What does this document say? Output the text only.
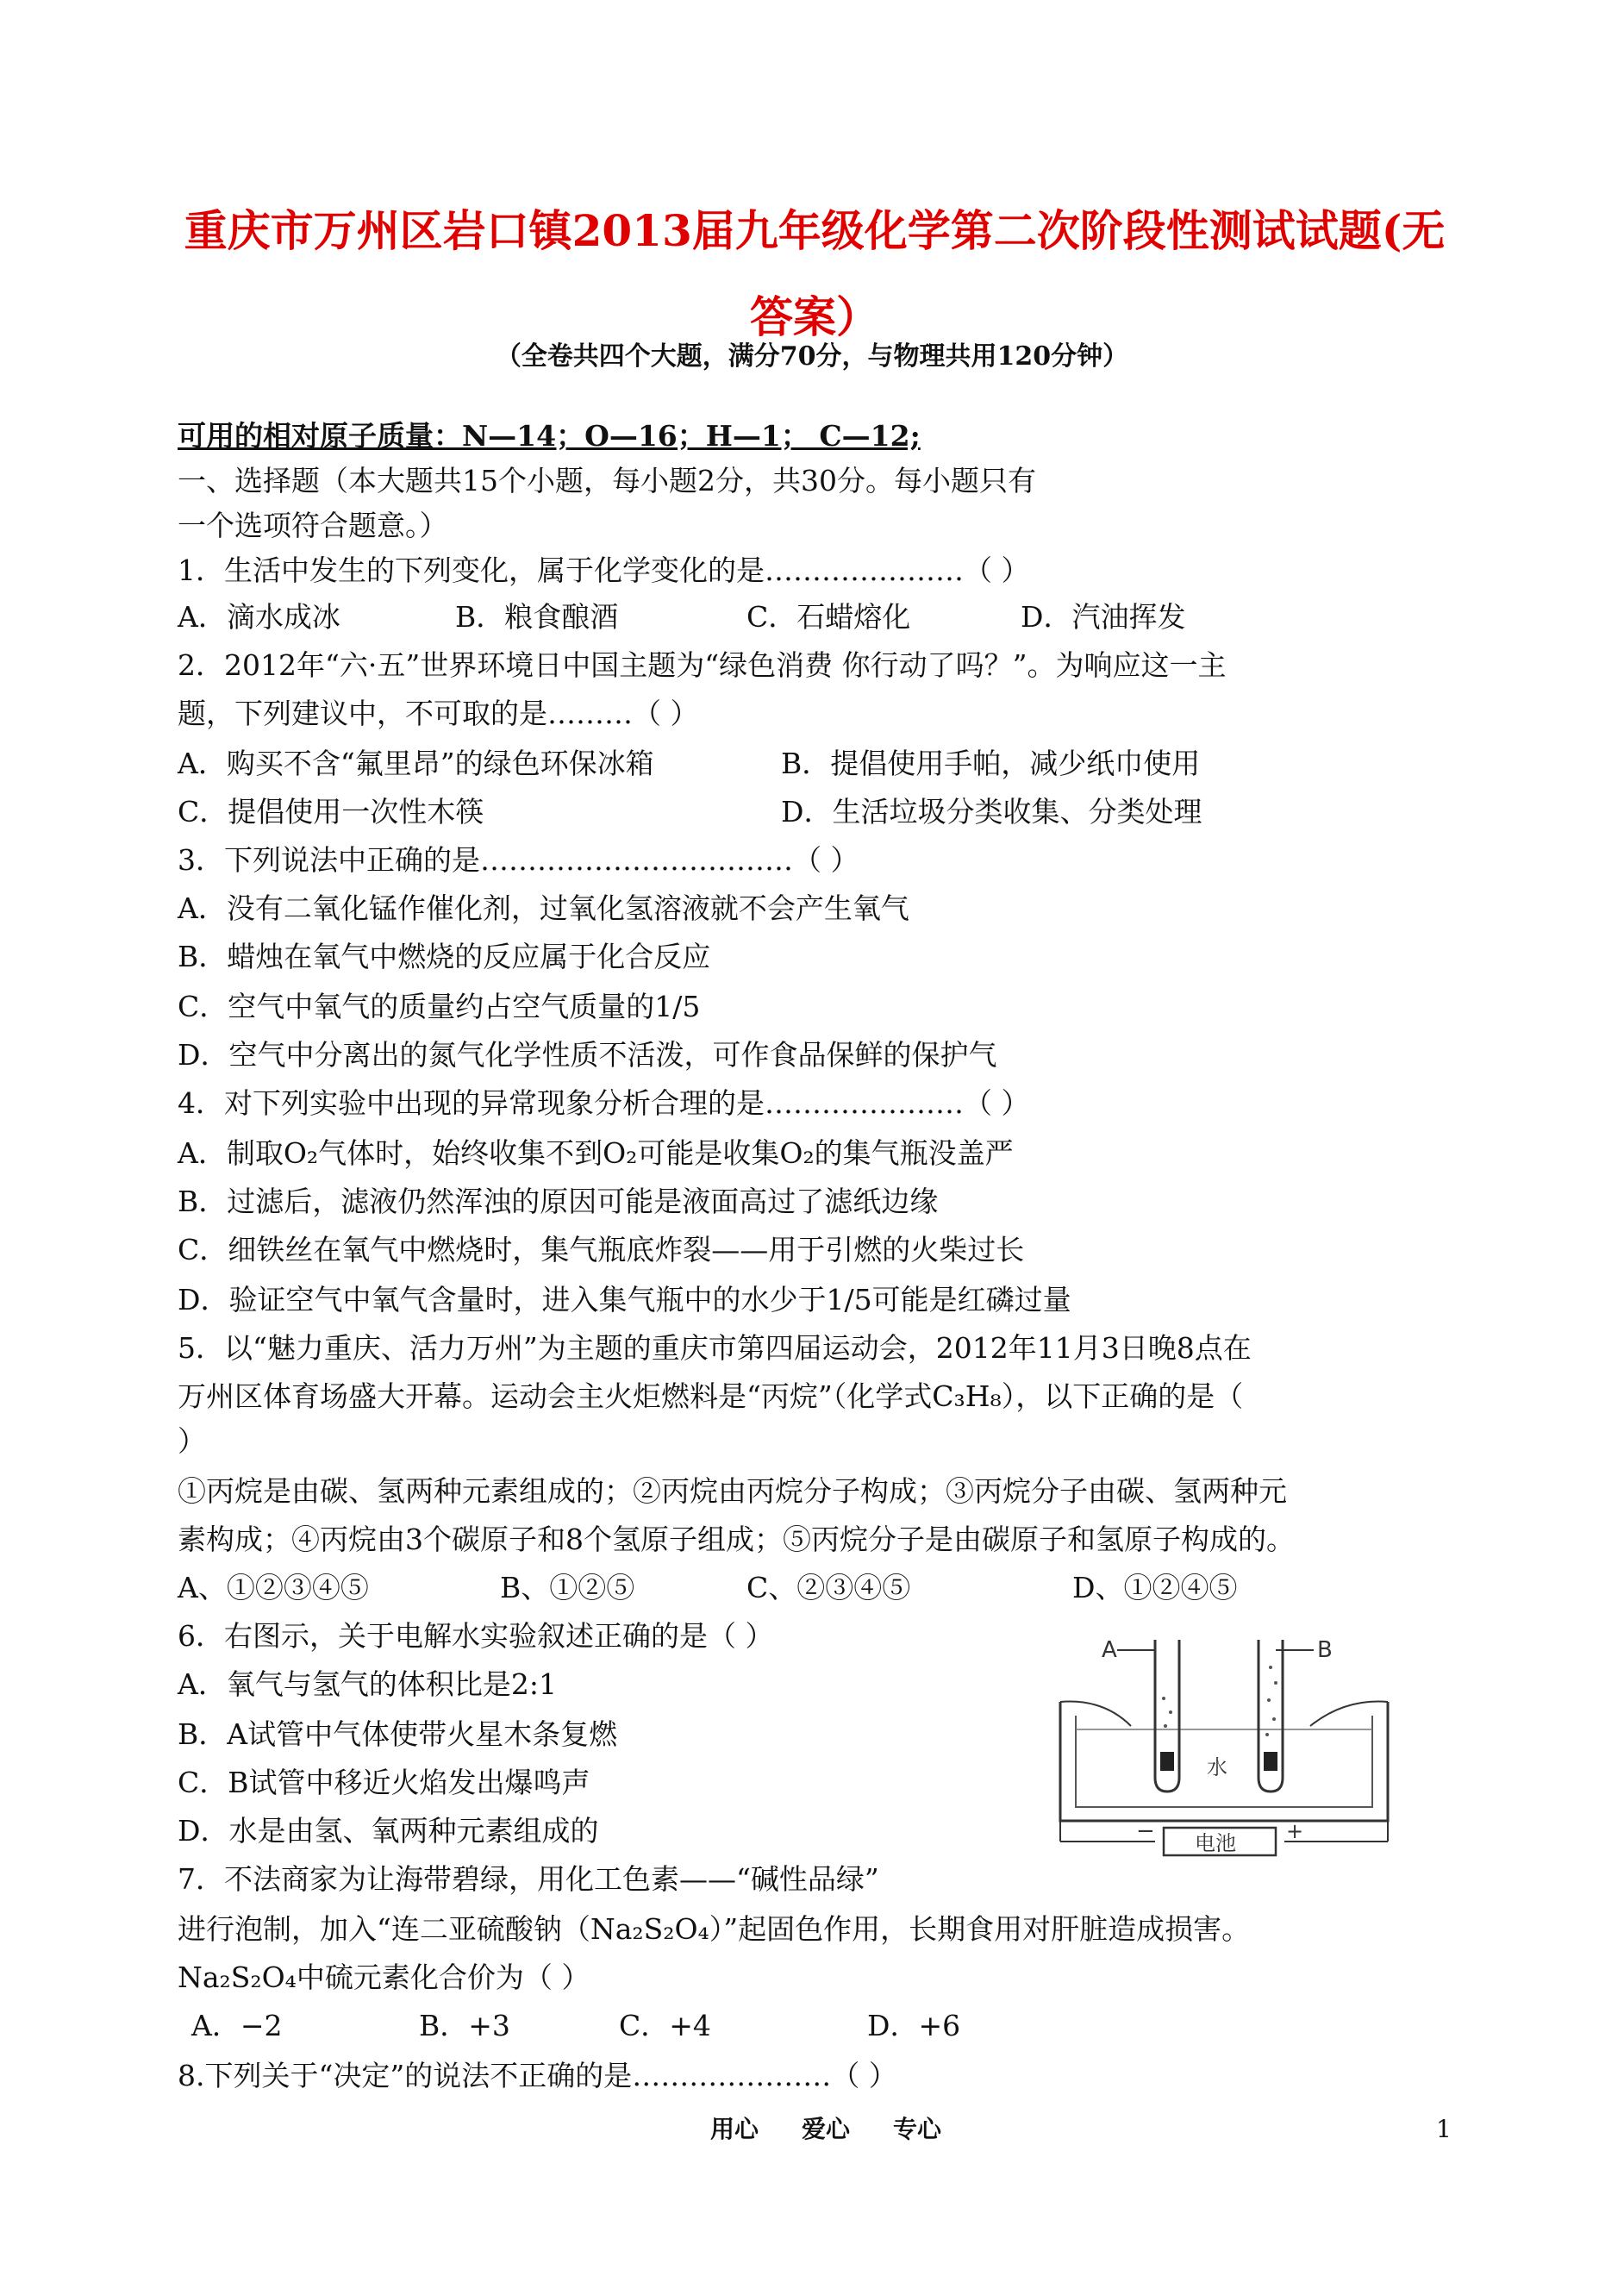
重庆市万州区岩口镇2013届九年级化学第二次阶段性测试试题(无
答案）
（全卷共四个大题，满分70分，与物理共用120分钟）
可用的相对原子质量：N—14；O—16；H—1； C—12;
一、选择题（本大题共15个小题，每小题2分，共30分。每小题只有
一个选项符合题意。）
1．生活中发生的下列变化，属于化学变化的是…………………（ ）
A．滴水成冰	B．粮食酿酒	C．石蜡熔化	D．汽油挥发
2．2012年“六·五”世界环境日中国主题为“绿色消费 你行动了吗？”。为响应这一主
题，下列建议中，不可取的是………（ ）
A．购买不含“氟里昂”的绿色环保冰箱	B．提倡使用手帕，减少纸巾使用
C．提倡使用一次性木筷	D．生活垃圾分类收集、分类处理
3．下列说法中正确的是……………………………（ ）
A．没有二氧化锰作催化剂，过氧化氢溶液就不会产生氧气
B．蜡烛在氧气中燃烧的反应属于化合反应
C．空气中氧气的质量约占空气质量的1/5
D．空气中分离出的氮气化学性质不活泼，可作食品保鲜的保护气
4．对下列实验中出现的异常现象分析合理的是…………………（ ）
A．制取O₂气体时，始终收集不到O₂可能是收集O₂的集气瓶没盖严
B．过滤后，滤液仍然浑浊的原因可能是液面高过了滤纸边缘
C．细铁丝在氧气中燃烧时，集气瓶底炸裂——用于引燃的火柴过长
D．验证空气中氧气含量时，进入集气瓶中的水少于1/5可能是红磷过量
5．以“魅力重庆、活力万州”为主题的重庆市第四届运动会，2012年11月3日晚8点在
万州区体育场盛大开幕。运动会主火炬燃料是“丙烷”（化学式C₃H₈），以下正确的是（
）
①丙烷是由碳、氢两种元素组成的；②丙烷由丙烷分子构成；③丙烷分子由碳、氢两种元
素构成；④丙烷由3个碳原子和8个氢原子组成；⑤丙烷分子是由碳原子和氢原子构成的。
A、①②③④⑤	B、①②⑤	C、②③④⑤	D、①②④⑤
6．右图示，关于电解水实验叙述正确的是（ ）
A．氧气与氢气的体积比是2:1
B．A试管中气体使带火星木条复燃
C．B试管中移近火焰发出爆鸣声
D．水是由氢、氧两种元素组成的
A	B
水
电池
−	+
7．不法商家为让海带碧绿，用化工色素——“碱性品绿”
进行泡制，加入“连二亚硫酸钠（Na₂S₂O₄）”起固色作用，长期食用对肝脏造成损害。
Na₂S₂O₄中硫元素化合价为（ ）
A．−2	B．+3	C．+4	D．+6
8.下列关于“决定”的说法不正确的是…………………（ ）
用心 爱心 专心	1
